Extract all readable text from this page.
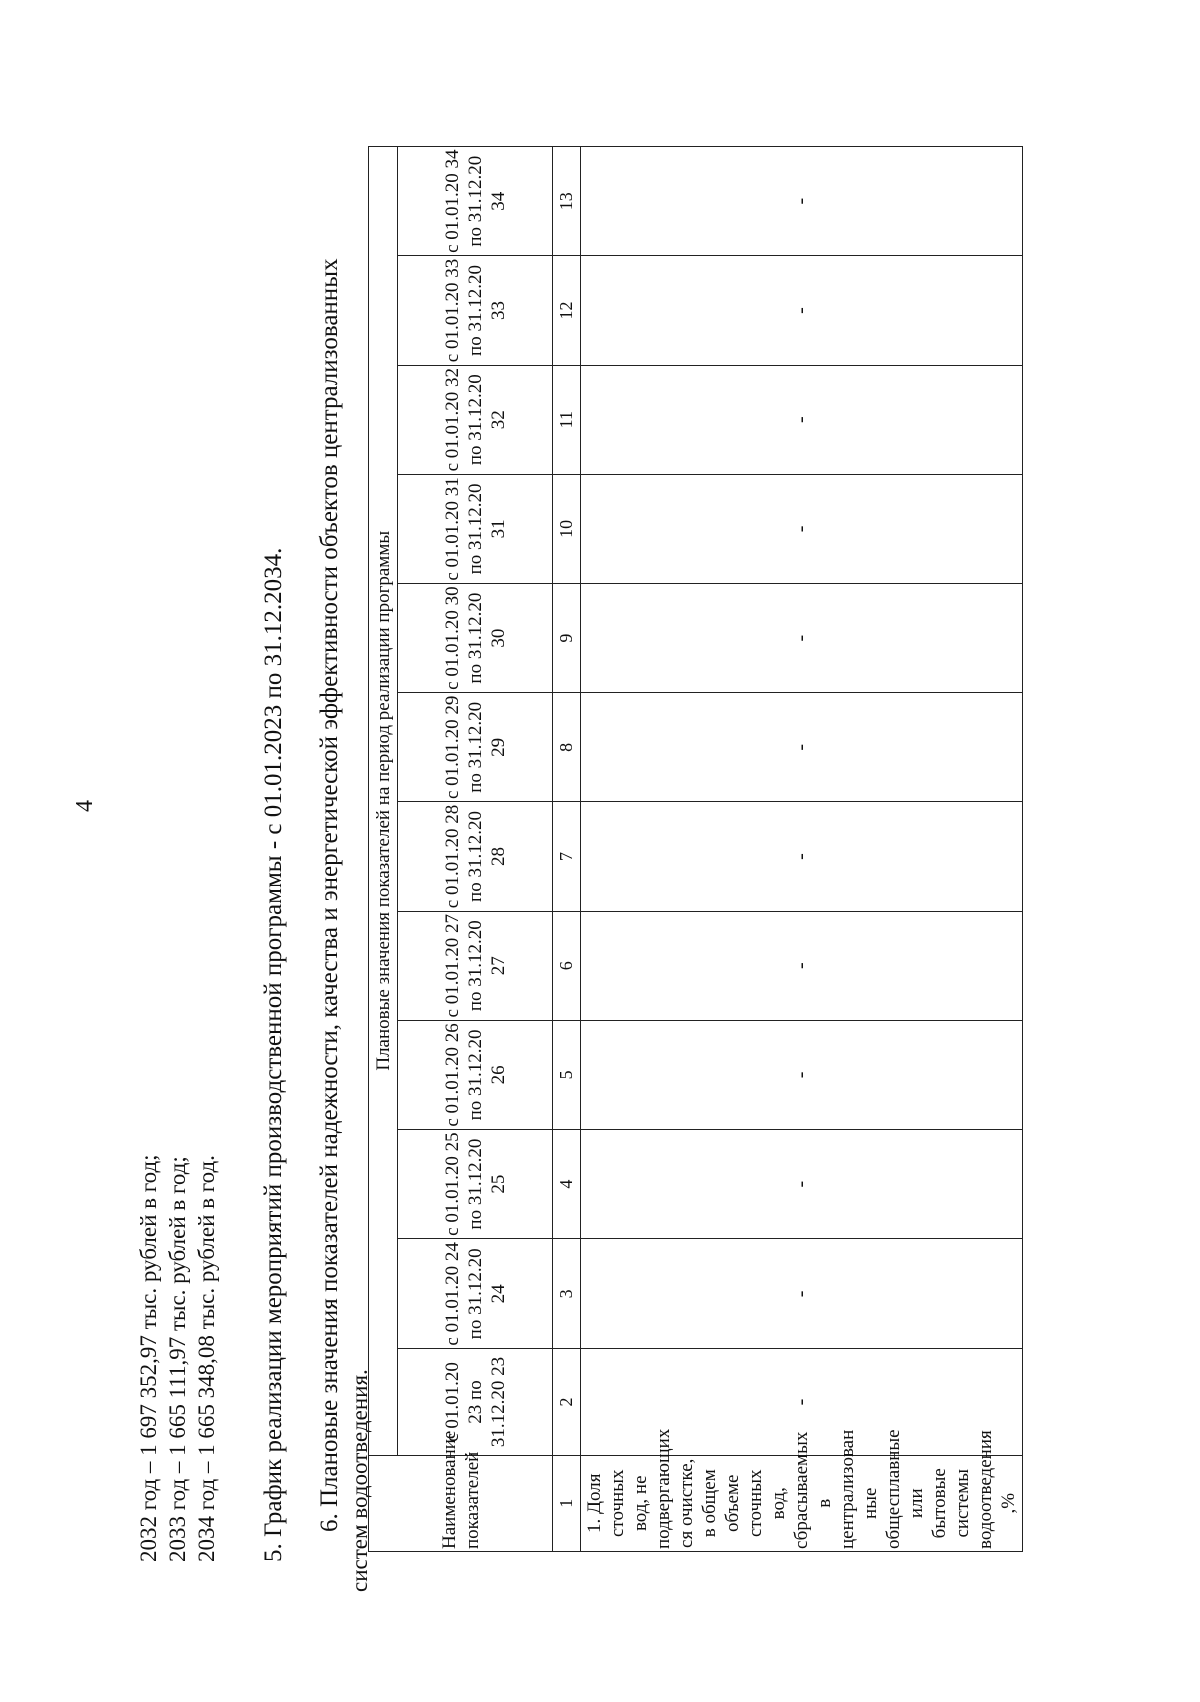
4
2032 год – 1 697 352,97 тыс. рублей в год; 2033 год – 1 665 111,97 тыс. рублей в год; 2034 год – 1 665 348,08 тыс. рублей в год. 5. График реализации мероприятий производственной программы - с 01.01.2023 по 31.12.2034. 6. Плановые значения показателей надежности, качества и энергетической эффективности объектов централизованных систем водоотведения.	Наименование показателей	Плановые значения показателей на период реализации программы											
	с 01.01.20 23 по 31.12.20 23	с 01.01.20 24 по 31.12.20 24	с 01.01.20 25 по 31.12.20 25	с 01.01.20 26 по 31.12.20 26	с 01.01.20 27 по 31.12.20 27	с 01.01.20 28 по 31.12.20 28	с 01.01.20 29 по 31.12.20 29	с 01.01.20 30 по 31.12.20 30	с 01.01.20 31 по 31.12.20 31	с 01.01.20 32 по 31.12.20 32	с 01.01.20 33 по 31.12.20 33	с 01.01.20 34 по 31.12.20 34
1	2	3	4	5	6	7	8	9	10	11	12	13
1. Доля сточных вод, не подвергающих ся очистке, в общем объеме сточных вод, сбрасываемых в централизован ные общесплавные или бытовые системы водоотведения ,%	-	-	-	-	-	-	-	-	-	-	-	-
